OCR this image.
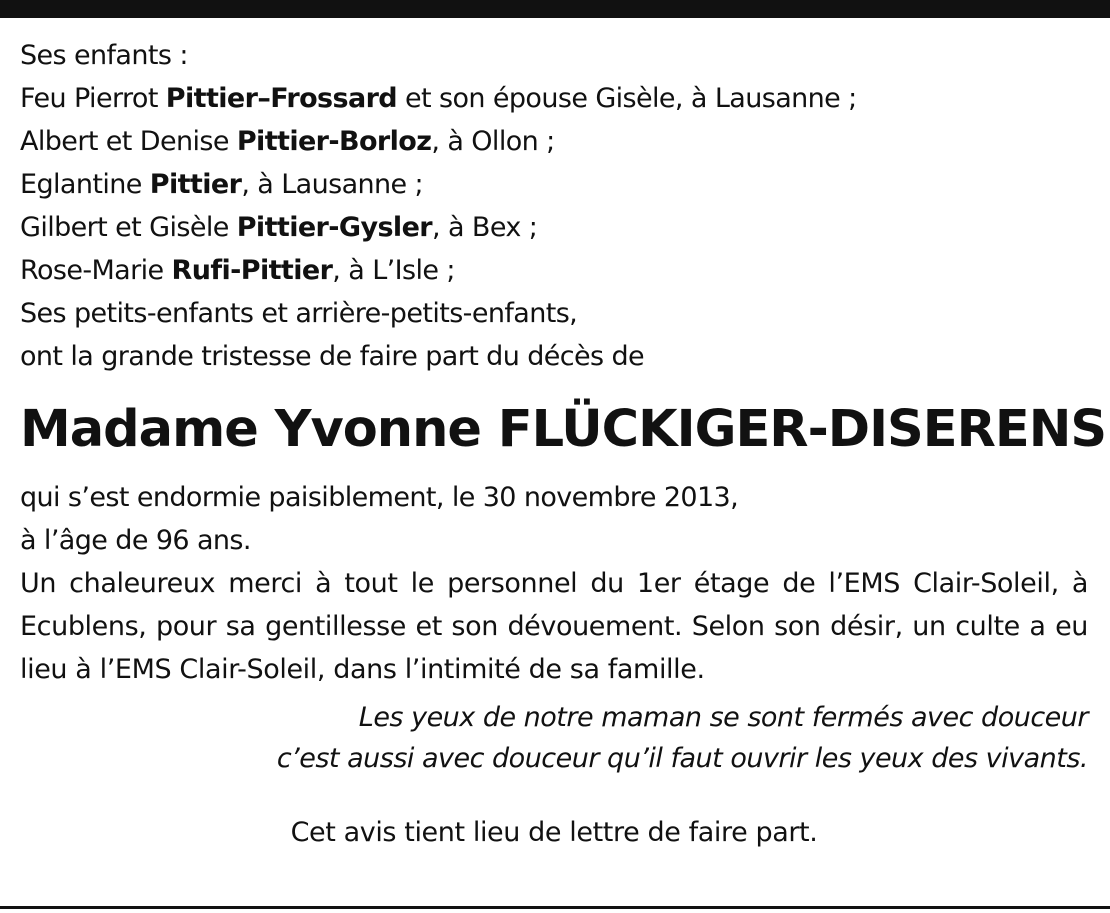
Ses enfants :
Feu Pierrot Pittier–Frossard et son épouse Gisèle, à Lausanne ;
Albert et Denise Pittier-Borloz, à Ollon ;
Eglantine Pittier, à Lausanne ;
Gilbert et Gisèle Pittier-Gysler, à Bex ;
Rose-Marie Rufi-Pittier, à L’Isle ;
Ses petits-enfants et arrière-petits-enfants,
ont la grande tristesse de faire part du décès de
Madame Yvonne FLÜCKIGER-DISERENS
qui s’est endormie paisiblement, le 30 novembre 2013,
à l’âge de 96 ans.
Un chaleureux merci à tout le personnel du 1er étage de l’EMS Clair-Soleil, à Ecublens, pour sa gentillesse et son dévouement. Selon son désir, un culte a eu lieu à l’EMS Clair-Soleil, dans l’intimité de sa famille.
Les yeux de notre maman se sont fermés avec douceur
c’est aussi avec douceur qu’il faut ouvrir les yeux des vivants.
Cet avis tient lieu de lettre de faire part.
